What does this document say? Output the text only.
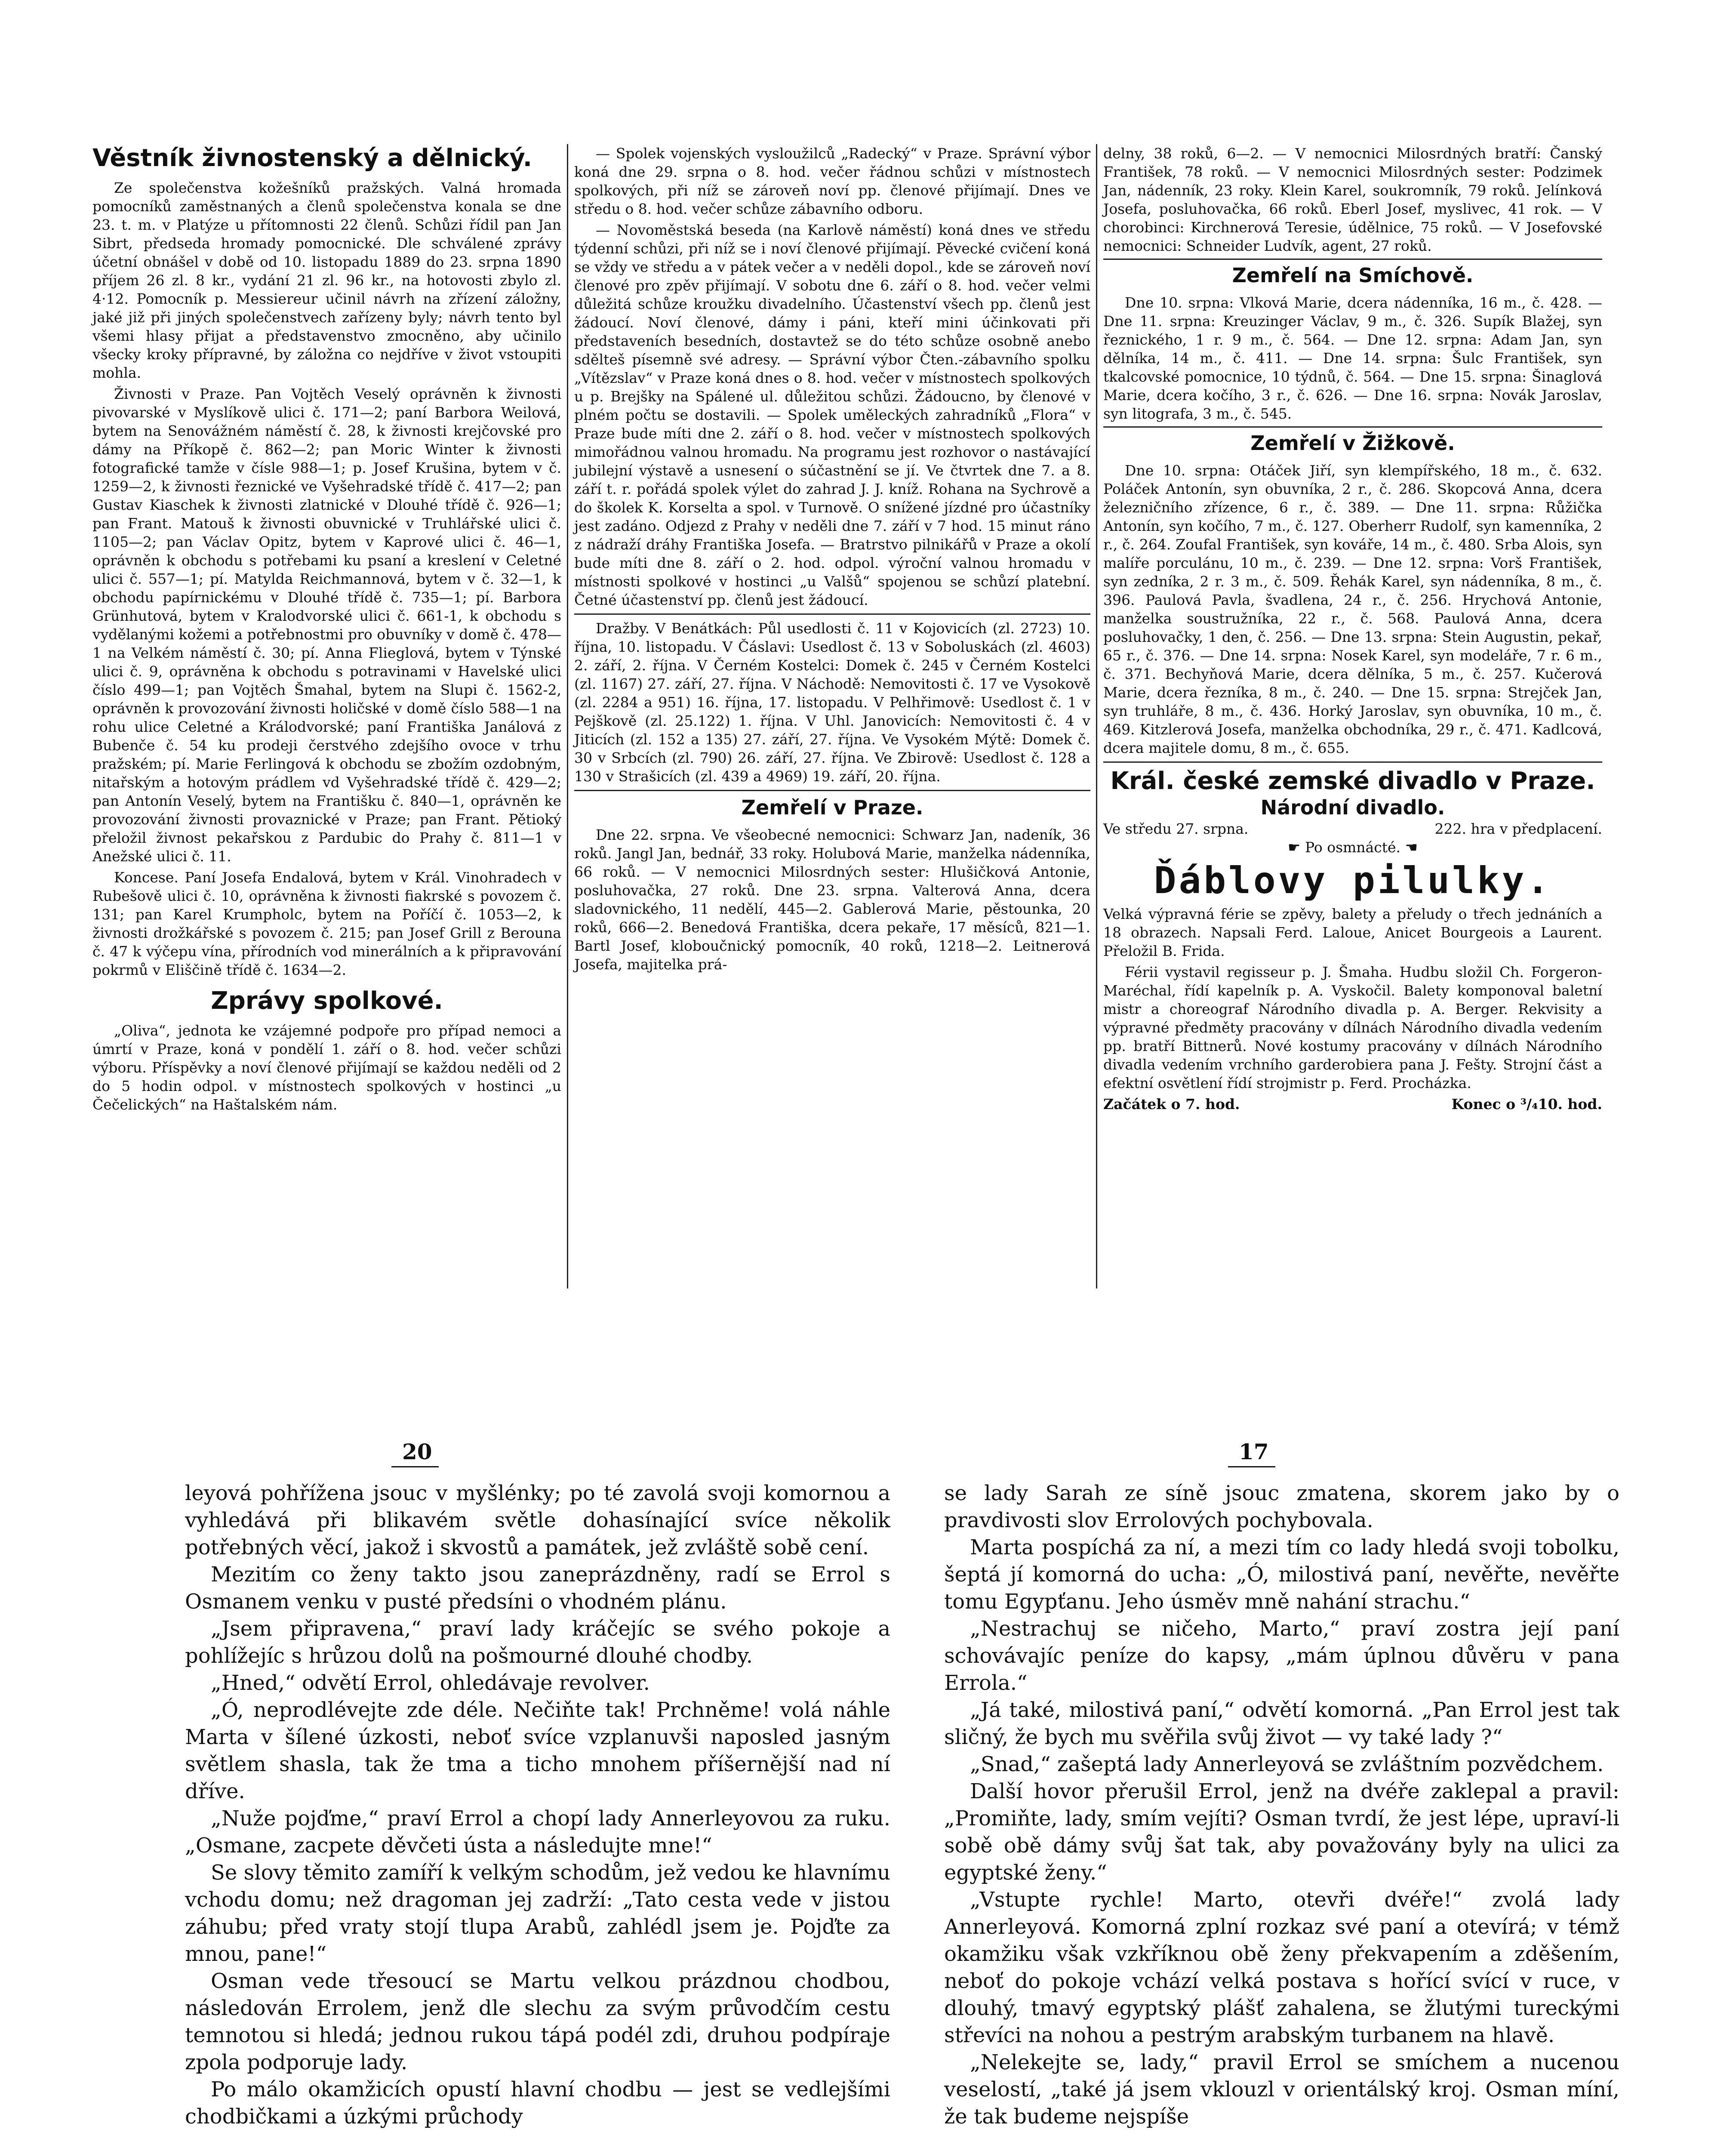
Věstník živnostenský a dělnický.

Ze společenstva kožešníků pražských. Valná hromada pomocníků zaměstnaných a členů společenstva konala se dne 23. t. m. v Platýze u přítomnosti 22 členů. Schůzi řídil pan Jan Sibrt, předseda hromady pomocnické. Dle schválené zprávy účetní obnášel v době od 10. listopadu 1889 do 23. srpna 1890 příjem 26 zl. 8 kr., vydání 21 zl. 96 kr., na hotovosti zbylo zl. 4·12. Pomocník p. Messiereur učinil návrh na zřízení záložny, jaké již při jiných společenstvech zařízeny byly; návrh tento byl všemi hlasy přijat a představenstvo zmocněno, aby učinilo všecky kroky přípravné, by záložna co nejdříve v život vstoupiti mohla.

Živnosti v Praze. Pan Vojtěch Veselý oprávněn k živnosti pivovarské v Myslíkově ulici č. 171—2; paní Barbora Weilová, bytem na Senovážném náměstí č. 28, k živnosti krejčovské pro dámy na Příkopě č. 862—2; pan Moric Winter k živnosti fotografické tamže v čísle 988—1; p. Josef Krušina, bytem v č. 1259—2, k živnosti řeznické ve Vyšehradské třídě č. 417—2; pan Gustav Kiaschek k živnosti zlatnické v Dlouhé třídě č. 926—1; pan Frant. Matouš k živnosti obuvnické v Truhlářské ulici č. 1105—2; pan Václav Opitz, bytem v Kaprové ulici č. 46—1, oprávněn k obchodu s potřebami ku psaní a kreslení v Celetné ulici č. 557—1; pí. Matylda Reichmannová, bytem v č. 32—1, k obchodu papírnickému v Dlouhé třídě č. 735—1; pí. Barbora Grünhutová, bytem v Kralodvorské ulici č. 661-1, k obchodu s vydělanými kožemi a potřebnostmi pro obuvníky v domě č. 478—1 na Velkém náměstí č. 30; pí. Anna Flieglová, bytem v Týnské ulici č. 9, oprávněna k obchodu s potravinami v Havelské ulici číslo 499—1; pan Vojtěch Šmahal, bytem na Slupi č. 1562-2, oprávněn k provozování živnosti holičské v domě číslo 588—1 na rohu ulice Celetné a Králodvorské; paní Františka Janálová z Bubenče č. 54 ku prodeji čerstvého zdejšího ovoce v trhu pražském; pí. Marie Ferlingová k obchodu se zbožím ozdobným, nitařským a hotovým prádlem vd Vyšehradské třídě č. 429—2; pan Antonín Veselý, bytem na Františku č. 840—1, oprávněn ke provozování živnosti provaznické v Praze; pan Frant. Pětioký přeložil živnost pekařskou z Pardubic do Prahy č. 811—1 v Anežské ulici č. 11.

Koncese. Paní Josefa Endalová, bytem v Král. Vinohradech v Rubešově ulici č. 10, oprávněna k živnosti fiakrské s povozem č. 131; pan Karel Krumpholc, bytem na Poříčí č. 1053—2, k živnosti drožkářské s povozem č. 215; pan Josef Grill z Berouna č. 47 k výčepu vína, přírodních vod minerálních a k připravování pokrmů v Eliščině třídě č. 1634—2.

Zprávy spolkové.

„Oliva“, jednota ke vzájemné podpoře pro případ nemoci a úmrtí v Praze, koná v pondělí 1. září o 8. hod. večer schůzi výboru. Příspěvky a noví členové přijímají se každou neděli od 2 do 5 hodin odpol. v místnostech spolkových v hostinci „u Čečelických“ na Haštalském nám.

— Spolek vojenských vysloužilců „Radecký“ v Praze. Správní výbor koná dne 29. srpna o 8. hod. večer řádnou schůzi v místnostech spolkových, při níž se zároveň noví pp. členové přijímají. Dnes ve středu o 8. hod. večer schůze zábavního odboru.

— Novoměstská beseda (na Karlově náměstí) koná dnes ve středu týdenní schůzi, při níž se i noví členové přijímají. Pěvecké cvičení koná se vždy ve středu a v pátek večer a v neděli dopol., kde se zároveň noví členové pro zpěv přijímají. V sobotu dne 6. září o 8. hod. večer velmi důležitá schůze kroužku divadelního. Účastenství všech pp. členů jest žádoucí. Noví členové, dámy i páni, kteří mini účinkovati při představeních besedních, dostavtež se do této schůze osobně anebo sdělteš písemně své adresy. — Správní výbor Čten.-zábavního spolku „Vítězslav“ v Praze koná dnes o 8. hod. večer v místnostech spolkových u p. Brejšky na Spálené ul. důležitou schůzi. Žádoucno, by členové v plném počtu se dostavili. — Spolek uměleckých zahradníků „Flora“ v Praze bude míti dne 2. září o 8. hod. večer v místnostech spolkových mimořádnou valnou hromadu. Na programu jest rozhovor o nastávající jubilejní výstavě a usnesení o súčastnění se jí. Ve čtvrtek dne 7. a 8. září t. r. pořádá spolek výlet do zahrad J. J. kníž. Rohana na Sychrově a do školek K. Korselta a spol. v Turnově. O snížené jízdné pro účastníky jest zadáno. Odjezd z Prahy v neděli dne 7. září v 7 hod. 15 minut ráno z nádraží dráhy Františka Josefa. — Bratrstvo pilnikářů v Praze a okolí bude míti dne 8. září o 2. hod. odpol. výroční valnou hromadu v místnosti spolkové v hostinci „u Valšů“ spojenou se schůzí platební. Četné účastenství pp. členů jest žádoucí.

Dražby. V Benátkách: Půl usedlosti č. 11 v Kojovicích (zl. 2723) 10. října, 10. listopadu. V Čáslavi: Usedlost č. 13 v Soboluskách (zl. 4603) 2. září, 2. října. V Černém Kostelci: Domek č. 245 v Černém Kostelci (zl. 1167) 27. září, 27. října. V Náchodě: Nemovitosti č. 17 ve Vysokově (zl. 2284 a 951) 16. října, 17. listopadu. V Pelhřimově: Usedlost č. 1 v Pejškově (zl. 25.122) 1. října. V Uhl. Janovicích: Nemovitosti č. 4 v Jiticích (zl. 152 a 135) 27. září, 27. října. Ve Vysokém Mýtě: Domek č. 30 v Srbcích (zl. 790) 26. září, 27. října. Ve Zbirově: Usedlost č. 128 a 130 v Strašicích (zl. 439 a 4969) 19. září, 20. října.

Zemřelí v Praze.

Dne 22. srpna. Ve všeobecné nemocnici: Schwarz Jan, nadeník, 36 roků. Jangl Jan, bednář, 33 roky. Holubová Marie, manželka nádenníka, 66 roků. — V nemocnici Milosrdných sester: Hlušičková Antonie, posluhovačka, 27 roků. Dne 23. srpna. Valterová Anna, dcera sladovnického, 11 nedělí, 445—2. Gablerová Marie, pěstounka, 20 roků, 666—2. Benedová Františka, dcera pekaře, 17 měsíců, 821—1. Bartl Josef, kloboučnický pomocník, 40 roků, 1218—2. Leitnerová Josefa, majitelka prá-

delny, 38 roků, 6—2. — V nemocnici Milosrdných bratří: Čanský František, 78 roků. — V nemocnici Milosrdných sester: Podzimek Jan, nádenník, 23 roky. Klein Karel, soukromník, 79 roků. Jelínková Josefa, posluhovačka, 66 roků. Eberl Josef, myslivec, 41 rok. — V chorobinci: Kirchnerová Teresie, údělnice, 75 roků. — V Josefovské nemocnici: Schneider Ludvík, agent, 27 roků.

Zemřelí na Smíchově.

Dne 10. srpna: Vlková Marie, dcera nádenníka, 16 m., č. 428. — Dne 11. srpna: Kreuzinger Václav, 9 m., č. 326. Supík Blažej, syn řeznického, 1 r. 9 m., č. 564. — Dne 12. srpna: Adam Jan, syn dělníka, 14 m., č. 411. — Dne 14. srpna: Šulc František, syn tkalcovské pomocnice, 10 týdnů, č. 564. — Dne 15. srpna: Šinaglová Marie, dcera kočího, 3 r., č. 626. — Dne 16. srpna: Novák Jaroslav, syn litografa, 3 m., č. 545.

Zemřelí v Žižkově.

Dne 10. srpna: Otáček Jiří, syn klempířského, 18 m., č. 632. Poláček Antonín, syn obuvníka, 2 r., č. 286. Skopcová Anna, dcera železničního zřízence, 6 r., č. 389. — Dne 11. srpna: Růžička Antonín, syn kočího, 7 m., č. 127. Oberherr Rudolf, syn kamenníka, 2 r., č. 264. Zoufal František, syn kováře, 14 m., č. 480. Srba Alois, syn malíře porculánu, 10 m., č. 239. — Dne 12. srpna: Vorš František, syn zedníka, 2 r. 3 m., č. 509. Řehák Karel, syn nádenníka, 8 m., č. 396. Paulová Pavla, švadlena, 24 r., č. 256. Hrychová Antonie, manželka soustružníka, 22 r., č. 568. Paulová Anna, dcera posluhovačky, 1 den, č. 256. — Dne 13. srpna: Stein Augustin, pekař, 65 r., č. 376. — Dne 14. srpna: Nosek Karel, syn modeláře, 7 r. 6 m., č. 371. Bechyňová Marie, dcera dělníka, 5 m., č. 257. Kučerová Marie, dcera řezníka, 8 m., č. 240. — Dne 15. srpna: Strejček Jan, syn truhláře, 8 m., č. 436. Horký Jaroslav, syn obuvníka, 10 m., č. 469. Kitzlerová Josefa, manželka obchodníka, 29 r., č. 471. Kadlcová, dcera majitele domu, 8 m., č. 655.

Král. české zemské divadlo v Praze.
Národní divadlo.
Ve středu 27. srpna.	222. hra v předplacení.
☛ Po osmnácté. ☚
Ďáblovy pilulky.

Velká výpravná férie se zpěvy, balety a přeludy o třech jednáních a 18 obrazech. Napsali Ferd. Laloue, Anicet Bourgeois a Laurent. Přeložil B. Frida.

Férii vystavil regisseur p. J. Šmaha. Hudbu složil Ch. Forgeron-Maréchal, řídí kapelník p. A. Vyskočil. Balety komponoval baletní mistr a choreograf Národního divadla p. A. Berger. Rekvisity a výpravné předměty pracovány v dílnách Národního divadla vedením pp. bratří Bittnerů. Nové kostumy pracovány v dílnách Národního divadla vedením vrchního garderobiera pana J. Fešty. Strojní část a efektní osvětlení řídí strojmistr p. Ferd. Procházka.

Začátek o 7. hod.	Konec o ³/₄10. hod.
20

leyová pohřížena jsouc v myšlénky; po té zavolá svoji komornou a vyhledává při blikavém světle dohasínající svíce několik potřebných věcí, jakož i skvostů a památek, jež zvláště sobě cení.

Mezitím co ženy takto jsou zaneprázdněny, radí se Errol s Osmanem venku v pusté předsíni o vhodném plánu.

„Jsem připravena,“ praví lady kráčejíc se svého pokoje a pohlížejíc s hrůzou dolů na pošmourné dlouhé chodby.

„Hned,“ odvětí Errol, ohledávaje revolver.

„Ó, neprodlévejte zde déle. Nečiňte tak! Prchněme! volá náhle Marta v šílené úzkosti, neboť svíce vzplanuvši naposled jasným světlem shasla, tak že tma a ticho mnohem příšernější nad ní dříve.

„Nuže pojďme,“ praví Errol a chopí lady Annerleyovou za ruku. „Osmane, zacpete děvčeti ústa a následujte mne!“

Se slovy těmito zamíří k velkým schodům, jež vedou ke hlavnímu vchodu domu; než dragoman jej zadrží: „Tato cesta vede v jistou záhubu; před vraty stojí tlupa Arabů, zahlédl jsem je. Pojďte za mnou, pane!“

Osman vede třesoucí se Martu velkou prázdnou chodbou, následován Errolem, jenž dle slechu za svým průvodčím cestu temnotou si hledá; jednou rukou tápá podél zdi, druhou podpíraje zpola podporuje lady.

Po málo okamžicích opustí hlavní chodbu — jest se vedlejšími chodbičkami a úzkými průchody

17

se lady Sarah ze síně jsouc zmatena, skorem jako by o pravdivosti slov Errolových pochybovala.

Marta pospíchá za ní, a mezi tím co lady hledá svoji tobolku, šeptá jí komorná do ucha: „Ó, milostivá paní, nevěřte, nevěřte tomu Egypťanu. Jeho úsměv mně nahání strachu.“

„Nestrachuj se ničeho, Marto,“ praví zostra její paní schovávajíc peníze do kapsy, „mám úplnou důvěru v pana Errola.“

„Já také, milostivá paní,“ odvětí komorná. „Pan Errol jest tak sličný, že bych mu svěřila svůj život — vy také lady ?“

„Snad,“ zašeptá lady Annerleyová se zvláštním pozvědchem.

Další hovor přerušil Errol, jenž na dvéře zaklepal a pravil: „Promiňte, lady, smím vejíti? Osman tvrdí, že jest lépe, upraví-li sobě obě dámy svůj šat tak, aby považovány byly na ulici za egyptské ženy.“

„Vstupte rychle! Marto, otevři dvéře!“ zvolá lady Annerleyová. Komorná zplní rozkaz své paní a otevírá; v témž okamžiku však vzkříknou obě ženy překvapením a zděšením, neboť do pokoje vchází velká postava s hořící svící v ruce, v dlouhý, tmavý egyptský plášť zahalena, se žlutými tureckými střevíci na nohou a pestrým arabským turbanem na hlavě.

„Nelekejte se, lady,“ pravil Errol se smíchem a nucenou veselostí, „také já jsem vklouzl v orientálský kroj. Osman míní, že tak budeme nejspíše
